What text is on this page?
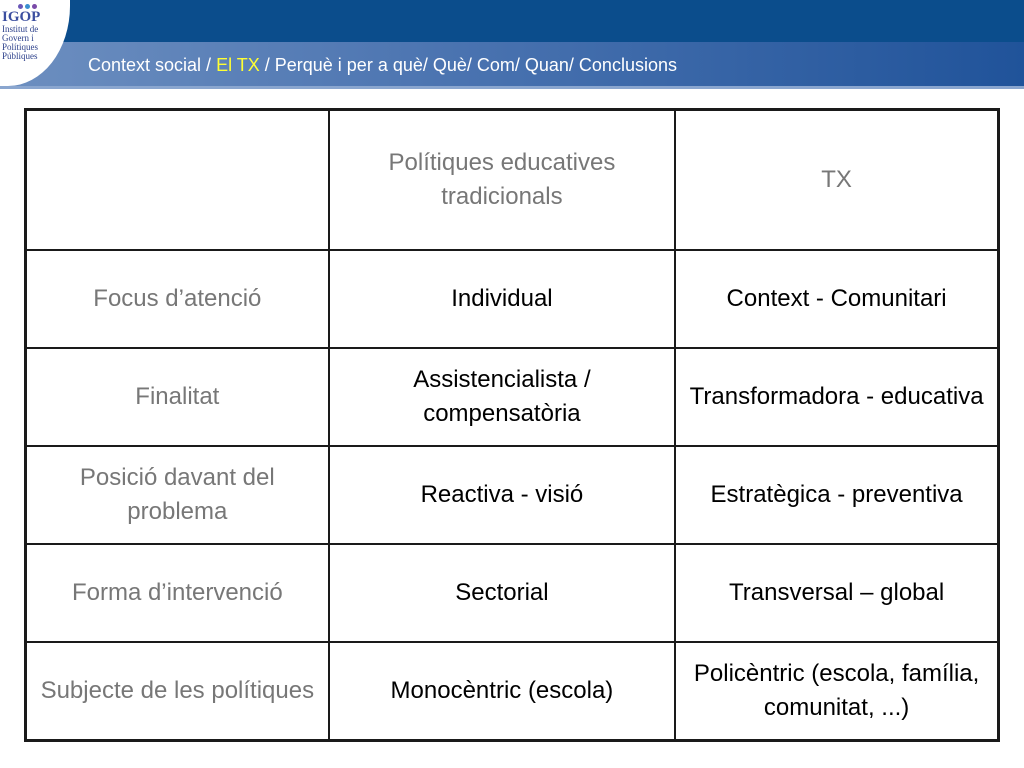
IGOP
Institut de
Govern i
Polítiques
Públiques	Context social / El TX / Perquè i per a què/ Què/ Com/ Quan/ Conclusions
	Polítiques educatives tradicionals	TX
Focus d’atenció	Individual	Context - Comunitari
Finalitat	Assistencialista / compensatòria	Transformadora - educativa
Posició davant del problema	Reactiva - visió	Estratègica - preventiva
Forma d’intervenció	Sectorial	Transversal – global
Subjecte de les polítiques	Monocèntric (escola)	Policèntric (escola, família, comunitat, ...)
